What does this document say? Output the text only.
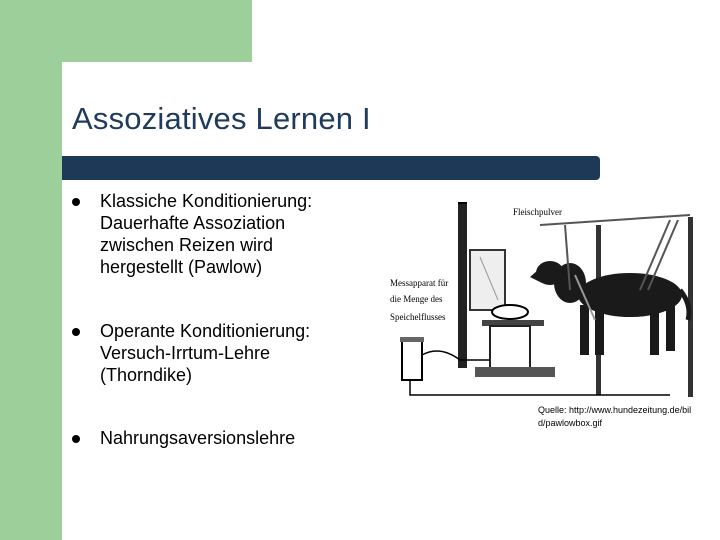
Assoziatives Lernen I
Klassiche Konditionierung:
Dauerhafte Assoziation
zwischen Reizen wird
hergestellt (Pawlow)
Operante Konditionierung:
Versuch-Irrtum-Lehre
(Thorndike)
Nahrungsaversionslehre
Fleischpulver
Messapparat für
die Menge des
Speichelflusses
Quelle: http://www.hundezeitung.de/bild/pawlowbox.gif
